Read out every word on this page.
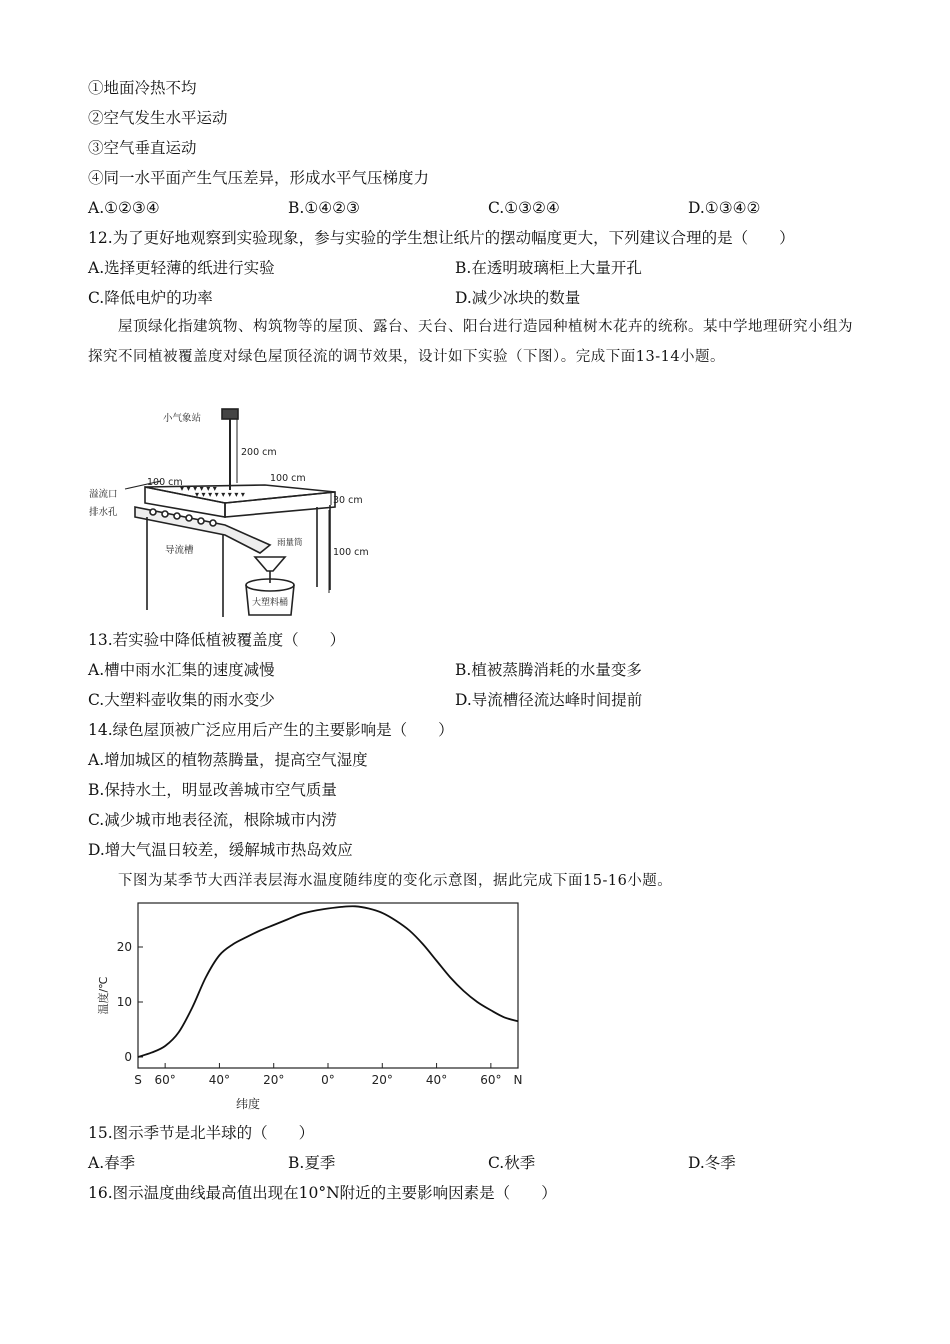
①地面冷热不均
②空气发生水平运动
③空气垂直运动
④同一水平面产生气压差异，形成水平气压梯度力
A.①②③④	B.①④②③	C.①③②④	D.①③④②
12.为了更好地观察到实验现象，参与实验的学生想让纸片的摆动幅度更大，下列建议合理的是（　　）
A.选择更轻薄的纸进行实验	B.在透明玻璃柜上大量开孔
C.降低电炉的功率	D.减少冰块的数量
屋顶绿化指建筑物、构筑物等的屋顶、露台、天台、阳台进行造园种植树木花卉的统称。某中学地理研究小组为探究不同植被覆盖度对绿色屋顶径流的调节效果，设计如下实验（下图）。完成下面13-14小题。
▾ ▾ ▾ ▾ ▾ ▾ ▾ ▾
▾ ▾ ▾ ▾ ▾ ▾
小气象站
200 cm
100 cm	100 cm
溢流口
排水孔
30 cm
导流槽	100 cm
雨量筒
大塑料桶
13.若实验中降低植被覆盖度（　　）
A.槽中雨水汇集的速度减慢	B.植被蒸腾消耗的水量变多
C.大塑料壶收集的雨水变少	D.导流槽径流达峰时间提前
14.绿色屋顶被广泛应用后产生的主要影响是（　　）
A.增加城区的植物蒸腾量，提高空气湿度
B.保持水土，明显改善城市空气质量
C.减少城市地表径流，根除城市内涝
D.增大气温日较差，缓解城市热岛效应
下图为某季节大西洋表层海水温度随纬度的变化示意图，据此完成下面15-16小题。
0
10
20
S 60°	40°	20°	0°	20°	40°	60° N
纬度
温度/℃
15.图示季节是北半球的（　　）
A.春季	B.夏季	C.秋季	D.冬季
16.图示温度曲线最高值出现在10°N附近的主要影响因素是（　　）
